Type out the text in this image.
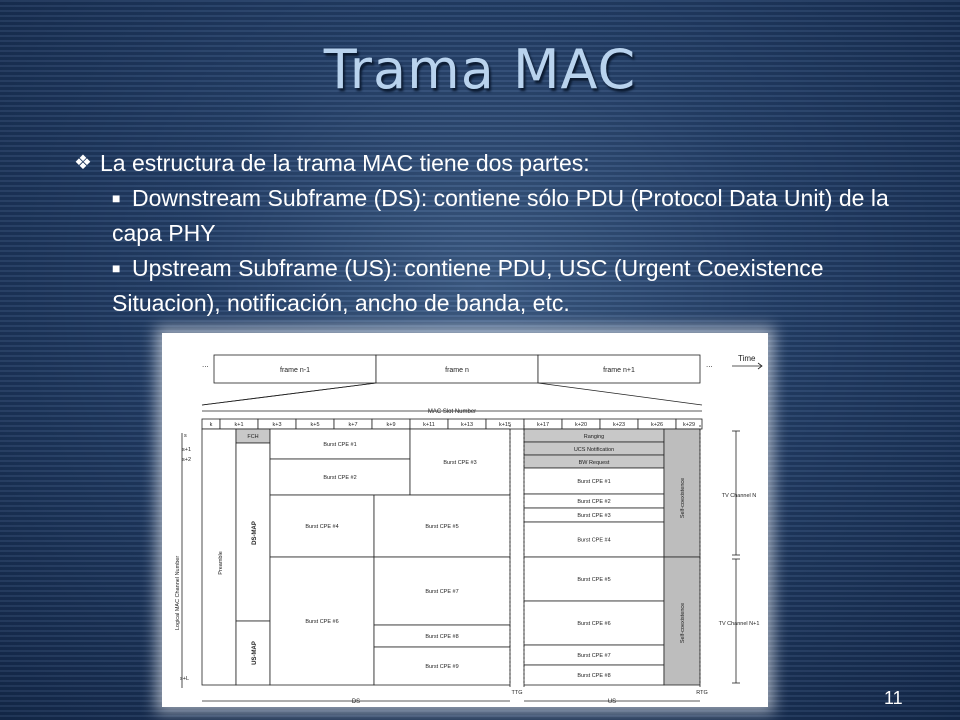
Trama MAC
❖ La estructura de la trama MAC tiene dos partes:
■ Downstream Subframe (DS): contiene sólo PDU (Protocol Data Unit) de la capa PHY
■ Upstream Subframe (US): contiene PDU, USC (Urgent Coexistence Situacion), notificación, ancho de banda, etc.
...
frame n-1	frame n	frame n+1
...
Time
MAC Slot Number
k	k+1	k+3	k+5	k+7	k+9	k+11	k+13	k+15	k+17	k+20	k+23	k+26	k+29
Logical MAC Channel Number
s
s+1
s+2
s+L
Preamble
FCH
DS-MAP
US-MAP
Burst CPE #1
Burst CPE #2
Burst CPE #3
Burst CPE #4	Burst CPE #5
Burst CPE #6
Burst CPE #7
Burst CPE #8
Burst CPE #9
Ranging
UCS Notification
BW Request
Burst CPE #1
Burst CPE #2
Burst CPE #3
Burst CPE #4
Burst CPE #5
Burst CPE #6
Burst CPE #7
Burst CPE #8
Self-coexistence
Self-coexistence
TV Channel N
TV Channel N+1
TTG	RTG
DS	US	11
